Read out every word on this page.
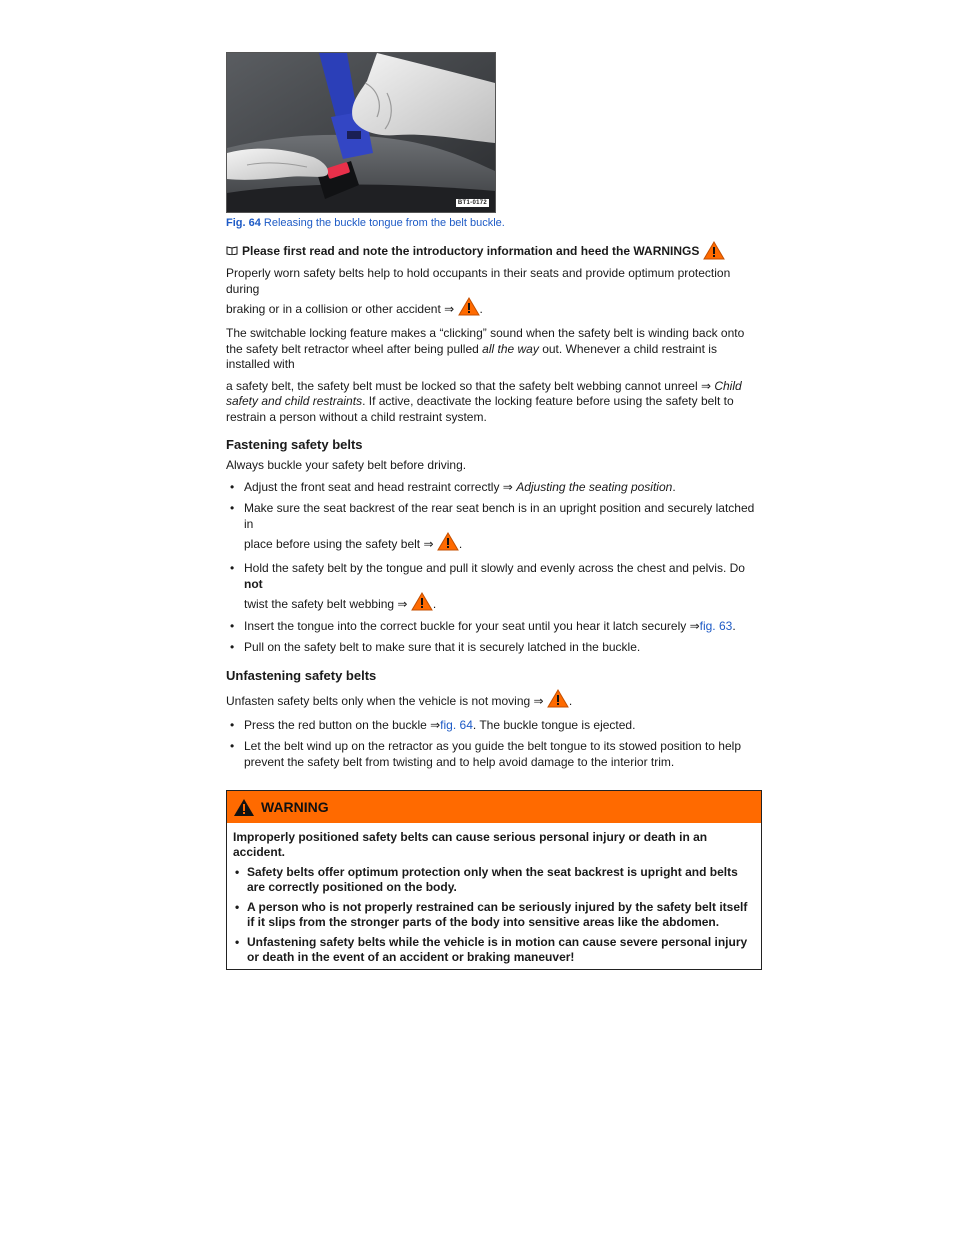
BT1-0172
Fig. 64 Releasing the buckle tongue from the belt buckle.
Please first read and note the introductory information and heed the WARNINGS

Properly worn safety belts help to hold occupants in their seats and provide optimum protection during

braking or in a collision or other accident ⇒ .

The switchable locking feature makes a “clicking” sound when the safety belt is winding back onto the safety belt retractor wheel after being pulled all the way out. Whenever a child restraint is installed with

a safety belt, the safety belt must be locked so that the safety belt webbing cannot unreel ⇒ Child safety and child restraints. If active, deactivate the locking feature before using the safety belt to restrain a person without a child restraint system.

Fastening safety belts

Always buckle your safety belt before driving.

• Adjust the front seat and head restraint correctly ⇒ Adjusting the seating position.
• Make sure the seat backrest of the rear seat bench is in an upright position and securely latched in
place before using the safety belt ⇒ .
• Hold the safety belt by the tongue and pull it slowly and evenly across the chest and pelvis. Do not
twist the safety belt webbing ⇒ .
• Insert the tongue into the correct buckle for your seat until you hear it latch securely ⇒fig. 63.
• Pull on the safety belt to make sure that it is securely latched in the buckle.
Unfastening safety belts

Unfasten safety belts only when the vehicle is not moving ⇒ .

• Press the red button on the buckle ⇒fig. 64. The buckle tongue is ejected.
• Let the belt wind up on the retractor as you guide the belt tongue to its stowed position to help prevent the safety belt from twisting and to help avoid damage to the interior trim.
WARNING

Improperly positioned safety belts can cause serious personal injury or death in an accident.

• Safety belts offer optimum protection only when the seat backrest is upright and belts are correctly positioned on the body.

• A person who is not properly restrained can be seriously injured by the safety belt itself if it slips from the stronger parts of the body into sensitive areas like the abdomen.

• Unfastening safety belts while the vehicle is in motion can cause severe personal injury or death in the event of an accident or braking maneuver!
